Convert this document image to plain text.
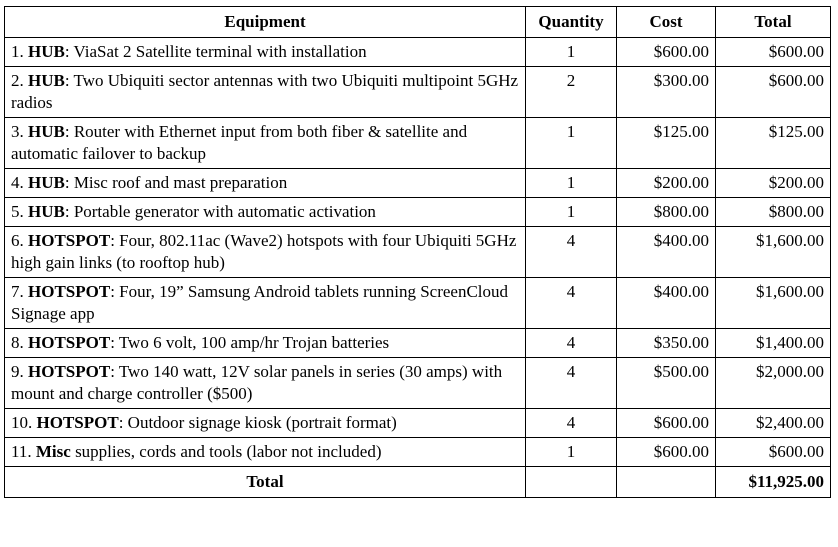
Equipment	Quantity	Cost	Total
1. HUB: ViaSat 2 Satellite terminal with installation	1	$600.00	$600.00
2. HUB: Two Ubiquiti sector antennas with two Ubiquiti multipoint 5GHz radios	2	$300.00	$600.00
3. HUB: Router with Ethernet input from both fiber & satellite and automatic failover to backup	1	$125.00	$125.00
4. HUB: Misc roof and mast preparation	1	$200.00	$200.00
5. HUB: Portable generator with automatic activation	1	$800.00	$800.00
6. HOTSPOT: Four, 802.11ac (Wave2) hotspots with four Ubiquiti 5GHz high gain links (to rooftop hub)	4	$400.00	$1,600.00
7. HOTSPOT: Four, 19” Samsung Android tablets running ScreenCloud Signage app	4	$400.00	$1,600.00
8. HOTSPOT: Two 6 volt, 100 amp/hr Trojan batteries	4	$350.00	$1,400.00
9. HOTSPOT: Two 140 watt, 12V solar panels in series (30 amps) with mount and charge controller ($500)	4	$500.00	$2,000.00
10. HOTSPOT: Outdoor signage kiosk (portrait format)	4	$600.00	$2,400.00
11. Misc supplies, cords and tools (labor not included)	1	$600.00	$600.00
Total			$11,925.00
